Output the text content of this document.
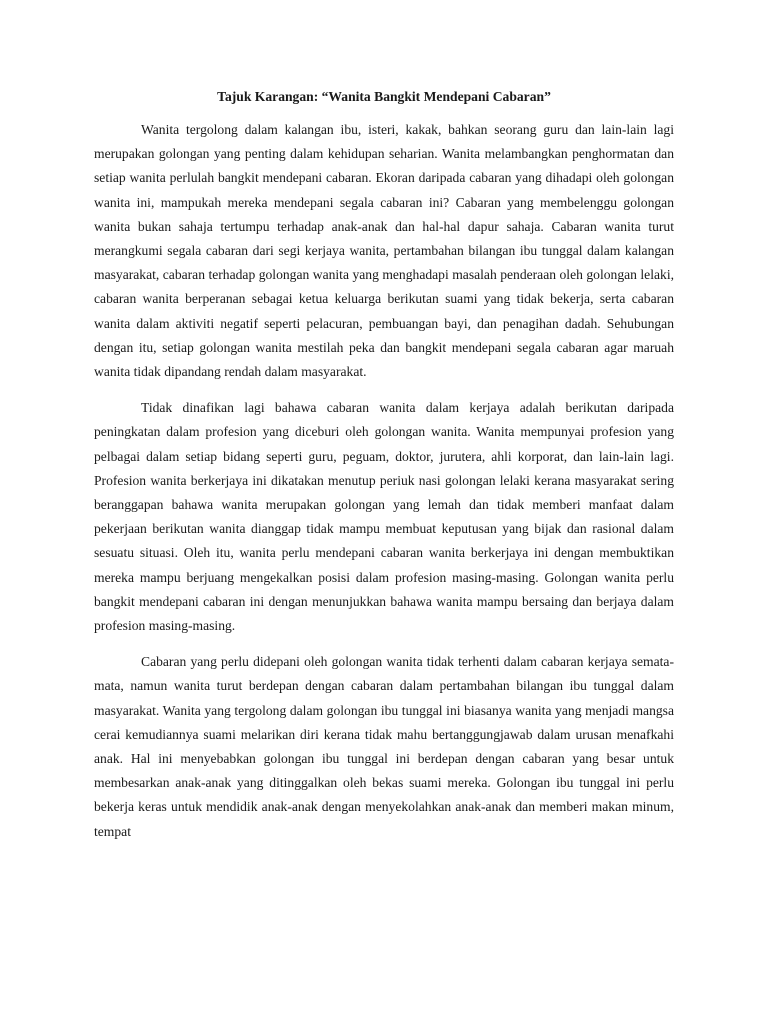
Tajuk Karangan: “Wanita Bangkit Mendepani Cabaran”

Wanita tergolong dalam kalangan ibu, isteri, kakak, bahkan seorang guru dan lain-lain lagi merupakan golongan yang penting dalam kehidupan seharian. Wanita melambangkan penghormatan dan setiap wanita perlulah bangkit mendepani cabaran. Ekoran daripada cabaran yang dihadapi oleh golongan wanita ini, mampukah mereka mendepani segala cabaran ini? Cabaran yang membelenggu golongan wanita bukan sahaja tertumpu terhadap anak-anak dan hal-hal dapur sahaja. Cabaran wanita turut merangkumi segala cabaran dari segi kerjaya wanita, pertambahan bilangan ibu tunggal dalam kalangan masyarakat, cabaran terhadap golongan wanita yang menghadapi masalah penderaan oleh golongan lelaki, cabaran wanita berperanan sebagai ketua keluarga berikutan suami yang tidak bekerja, serta cabaran wanita dalam aktiviti negatif seperti pelacuran, pembuangan bayi, dan penagihan dadah. Sehubungan dengan itu, setiap golongan wanita mestilah peka dan bangkit mendepani segala cabaran agar maruah wanita tidak dipandang rendah dalam masyarakat.

Tidak dinafikan lagi bahawa cabaran wanita dalam kerjaya adalah berikutan daripada peningkatan dalam profesion yang diceburi oleh golongan wanita. Wanita mempunyai profesion yang pelbagai dalam setiap bidang seperti guru, peguam, doktor, jurutera, ahli korporat, dan lain-lain lagi. Profesion wanita berkerjaya ini dikatakan menutup periuk nasi golongan lelaki kerana masyarakat sering beranggapan bahawa wanita merupakan golongan yang lemah dan tidak memberi manfaat dalam pekerjaan berikutan wanita dianggap tidak mampu membuat keputusan yang bijak dan rasional dalam sesuatu situasi. Oleh itu, wanita perlu mendepani cabaran wanita berkerjaya ini dengan membuktikan mereka mampu berjuang mengekalkan posisi dalam profesion masing-masing. Golongan wanita perlu bangkit mendepani cabaran ini dengan menunjukkan bahawa wanita mampu bersaing dan berjaya dalam profesion masing-masing.

Cabaran yang perlu didepani oleh golongan wanita tidak terhenti dalam cabaran kerjaya semata-mata, namun wanita turut berdepan dengan cabaran dalam pertambahan bilangan ibu tunggal dalam masyarakat. Wanita yang tergolong dalam golongan ibu tunggal ini biasanya wanita yang menjadi mangsa cerai kemudiannya suami melarikan diri kerana tidak mahu bertanggungjawab dalam urusan menafkahi anak. Hal ini menyebabkan golongan ibu tunggal ini berdepan dengan cabaran yang besar untuk membesarkan anak-anak yang ditinggalkan oleh bekas suami mereka. Golongan ibu tunggal ini perlu bekerja keras untuk mendidik anak-anak dengan menyekolahkan anak-anak dan memberi makan minum, tempat
